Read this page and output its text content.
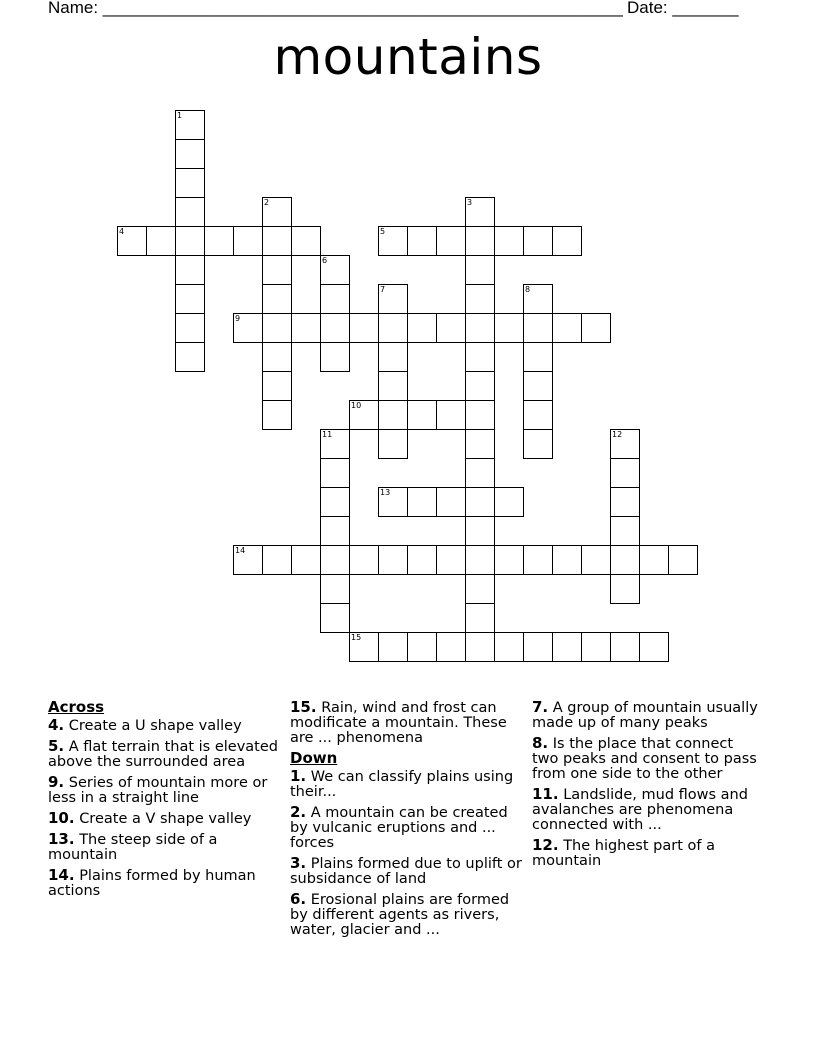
Name: _______________________________________________________ Date: _______
mountains
1
2	3
4	5
6
7	8
9
10
11	12
13
14
15
Across
4. Create a U shape valley
5. A flat terrain that is elevated above the surrounded area
9. Series of mountain more or less in a straight line
10. Create a V shape valley
13. The steep side of a mountain
14. Plains formed by human actions
15. Rain, wind and frost can modificate a mountain. These are ... phenomena
Down
1. We can classify plains using their...
2. A mountain can be created by vulcanic eruptions and ... forces
3. Plains formed due to uplift or subsidance of land
6. Erosional plains are formed by different agents as rivers, water, glacier and ...
7. A group of mountain usually made up of many peaks
8. Is the place that connect two peaks and consent to pass from one side to the other
11. Landslide, mud flows and avalanches are phenomena connected with ...
12. The highest part of a mountain
